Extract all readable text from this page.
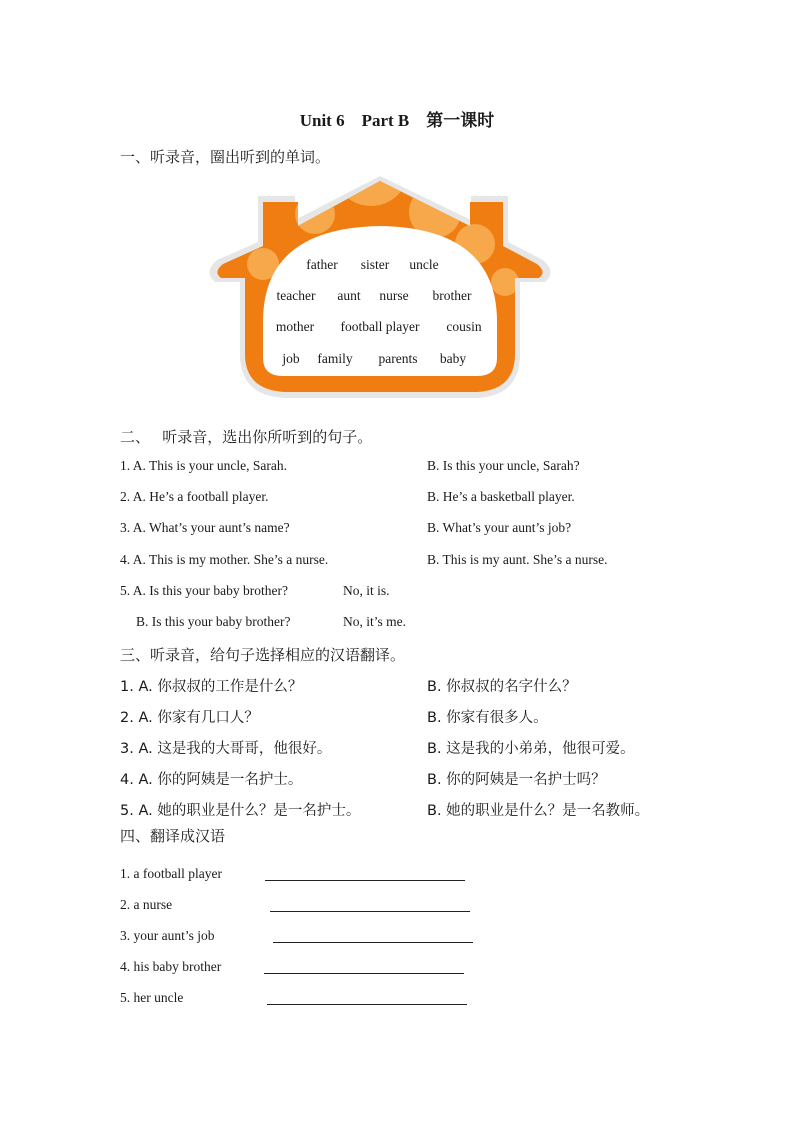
Unit 6　Part B　第一课时
一、听录音，圈出听到的单词。
father sister uncle
teacher aunt nurse brother
mother football player cousin
job family parents baby
二、　 听录音，选出你所听到的句子。
1. A. This is your uncle, Sarah.	B. Is this your uncle, Sarah?
2. A. He’s a football player.	B. He’s a basketball player.
3. A. What’s your aunt’s name?	B. What’s your aunt’s job?
4. A. This is my mother. She’s a nurse.	B. This is my aunt. She’s a nurse.
5. A. Is this your baby brother?	No, it is.
B. Is this your baby brother?	No, it’s me.
三、听录音，给句子选择相应的汉语翻译。
1. A. 你叔叔的工作是什么？	B. 你叔叔的名字什么？
2. A. 你家有几口人？	B. 你家有很多人。
3. A. 这是我的大哥哥，他很好。	B. 这是我的小弟弟，他很可爱。
4. A. 你的阿姨是一名护士。	B. 你的阿姨是一名护士吗？
5. A. 她的职业是什么？是一名护士。	B. 她的职业是什么？是一名教师。
四、翻译成汉语
1. a football player
2. a nurse
3. your aunt’s job
4. his baby brother
5. her uncle
